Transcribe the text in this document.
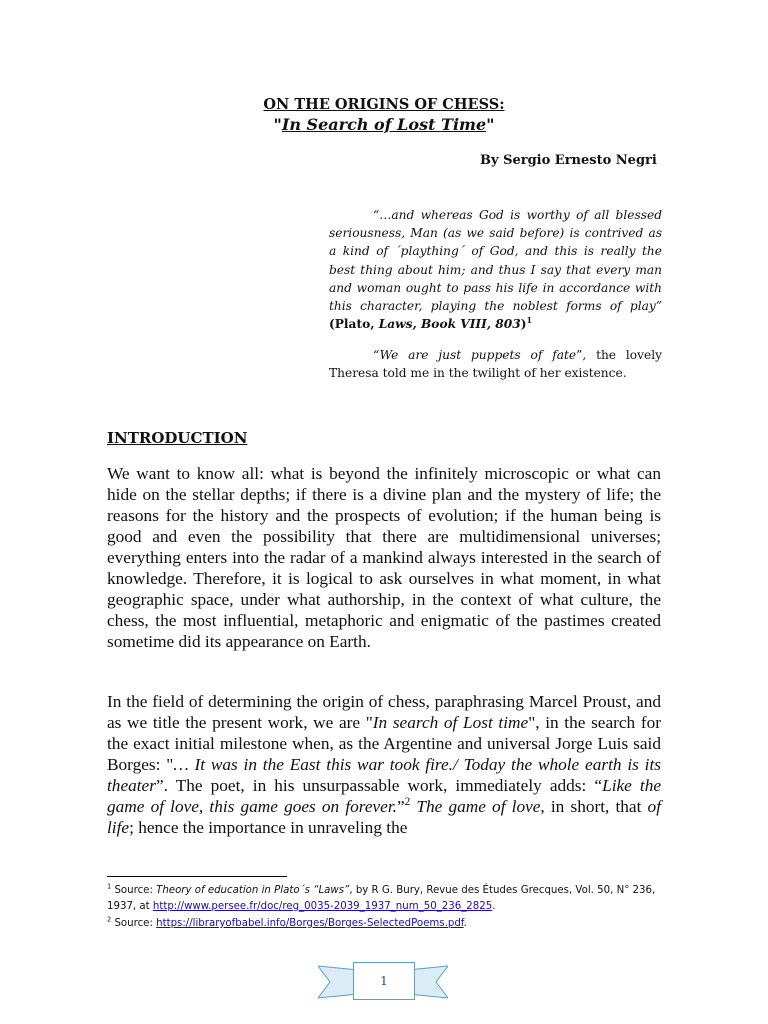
ON THE ORIGINS OF CHESS:
"In Search of Lost Time"
By Sergio Ernesto Negri
“…and whereas God is worthy of all blessed seriousness, Man (as we said before) is contrived as a kind of ´plaything´ of God, and this is really the best thing about him; and thus I say that every man and woman ought to pass his life in accordance with this character, playing the noblest forms of play” (Plato, Laws, Book VIII, 803)$^1$
“We are just puppets of fate”, the lovely Theresa told me in the twilight of her existence.
INTRODUCTION
We want to know all: what is beyond the infinitely microscopic or what can hide on the stellar depths; if there is a divine plan and the mystery of life; the reasons for the history and the prospects of evolution; if the human being is good and even the possibility that there are multidimensional universes; everything enters into the radar of a mankind always interested in the search of knowledge. Therefore, it is logical to ask ourselves in what moment, in what geographic space, under what authorship, in the context of what culture, the chess, the most influential, metaphoric and enigmatic of the pastimes created sometime did its appearance on Earth.
In the field of determining the origin of chess, paraphrasing Marcel Proust, and as we title the present work, we are "In search of Lost time", in the search for the exact initial milestone when, as the Argentine and universal Jorge Luis said Borges: "… It was in the East this war took fire./ Today the whole earth is its theater”. The poet, in his unsurpassable work, immediately adds: “Like the game of love, this game goes on forever.”$^2$ The game of love, in short, that of life; hence the importance in unraveling the
$^1$ Source: Theory of education in Plato´s “Laws”, by R G. Bury, Revue des Études Grecques, Vol. 50, N° 236, 1937, at http://www.persee.fr/doc/reg_0035-2039_1937_num_50_236_2825.
$^2$ Source: https://libraryofbabel.info/Borges/Borges-SelectedPoems.pdf.
1
